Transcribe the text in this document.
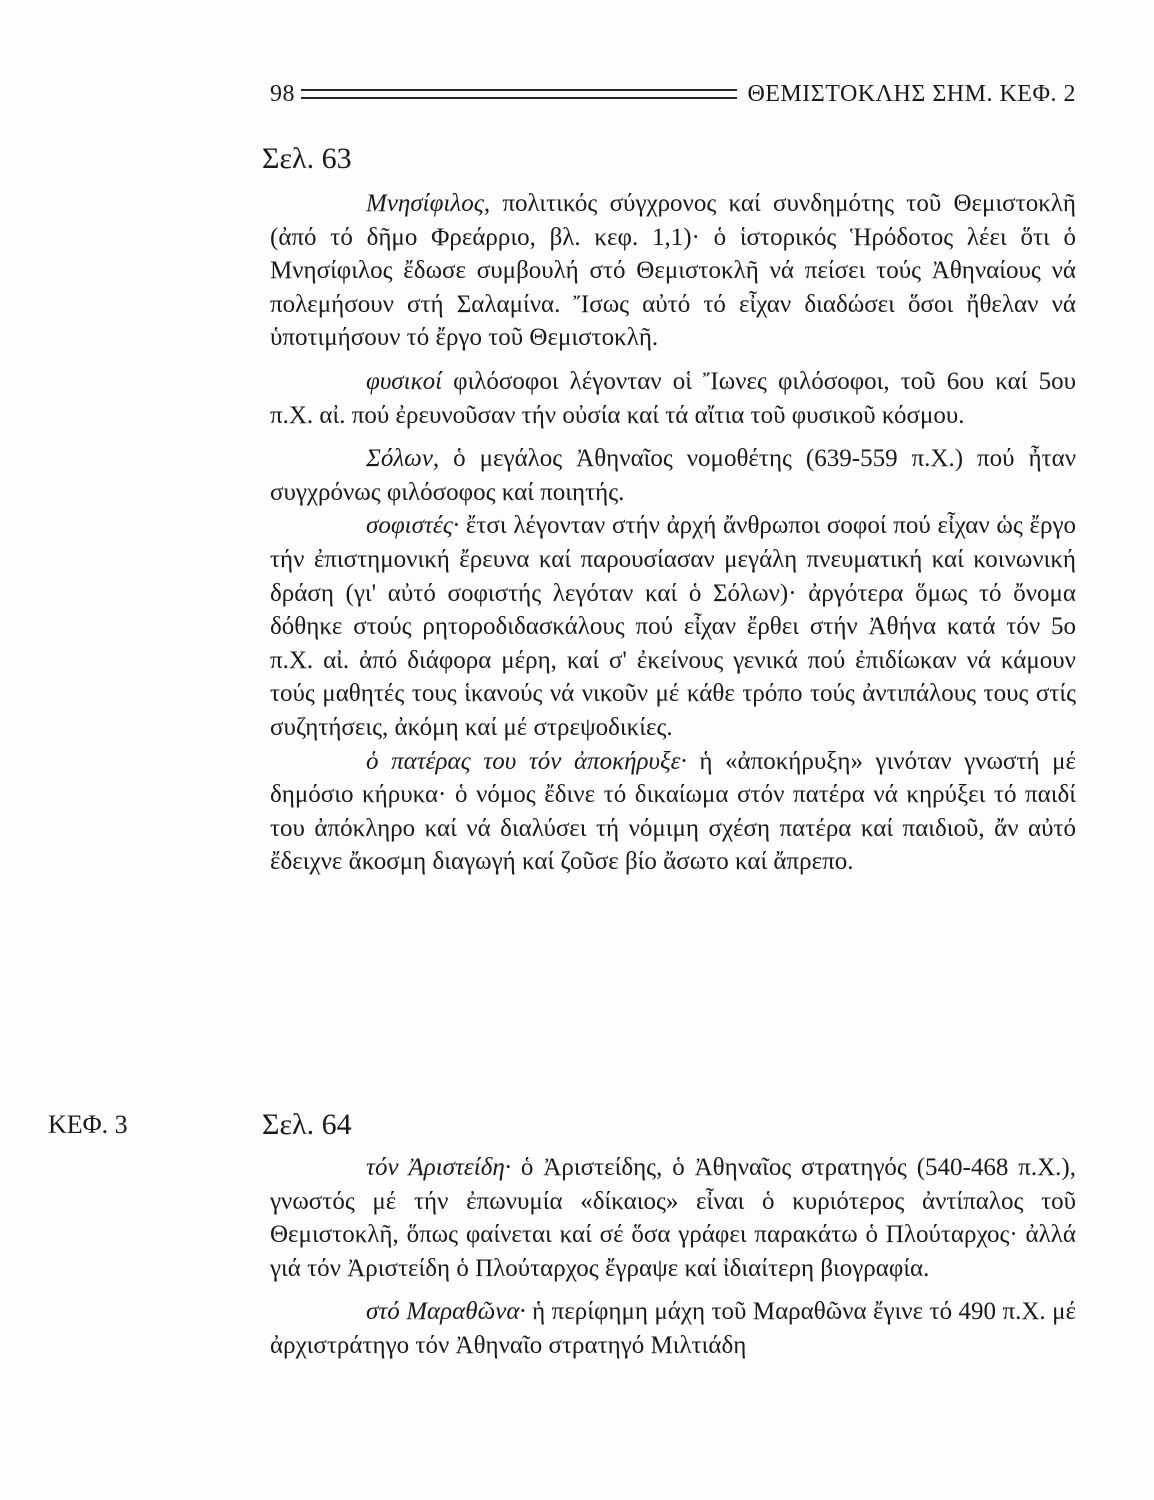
98	ΘΕΜΙΣΤΟΚΛΗΣ ΣΗΜ. ΚΕΦ. 2
ΚΕΦ. 3
Σελ. 63

Μνησίφιλος, πολιτικός σύγχρονος καί συνδημότης τοῦ Θεμιστοκλῆ (ἀπό τό δῆμο Φρεάρριο, βλ. κεφ. 1,1)· ὁ ἱστορικός Ἡρόδοτος λέει ὅτι ὁ Μνησίφιλος ἔδωσε συμβουλή στό Θεμιστοκλῆ νά πείσει τούς Ἀθηναίους νά πολεμήσουν στή Σαλαμίνα. Ἴσως αὐτό τό εἶχαν διαδώσει ὅσοι ἤθελαν νά ὑποτιμήσουν τό ἔργο τοῦ Θεμιστοκλῆ.

φυσικοί φιλόσοφοι λέγονταν οἱ Ἴωνες φιλόσοφοι, τοῦ 6ου καί 5ου π.Χ. αἰ. πού ἐρευνοῦσαν τήν οὐσία καί τά αἴτια τοῦ φυσικοῦ κόσμου.

Σόλων, ὁ μεγάλος Ἀθηναῖος νομοθέτης (639-559 π.Χ.) πού ἦταν συγχρόνως φιλόσοφος καί ποιητής.

σοφιστές· ἔτσι λέγονταν στήν ἀρχή ἄνθρωποι σοφοί πού εἶχαν ὡς ἔργο τήν ἐπιστημονική ἔρευνα καί παρουσίασαν μεγάλη πνευματική καί κοινωνική δράση (γι' αὐτό σοφιστής λεγόταν καί ὁ Σόλων)· ἀργότερα ὅμως τό ὄνομα δόθηκε στούς ρητοροδιδασκάλους πού εἶχαν ἔρθει στήν Ἀθήνα κατά τόν 5ο π.Χ. αἰ. ἀπό διάφορα μέρη, καί σ' ἐκείνους γενικά πού ἐπιδίωκαν νά κάμουν τούς μαθητές τους ἱκανούς νά νικοῦν μέ κάθε τρόπο τούς ἀντιπάλους τους στίς συζητήσεις, ἀκόμη καί μέ στρεψοδικίες.

ὁ πατέρας του τόν ἀποκήρυξε· ἡ «ἀποκήρυξη» γινόταν γνωστή μέ δημόσιο κήρυκα· ὁ νόμος ἔδινε τό δικαίωμα στόν πατέρα νά κηρύξει τό παιδί του ἀπόκληρο καί νά διαλύσει τή νόμιμη σχέση πατέρα καί παιδιοῦ, ἄν αὐτό ἔδειχνε ἄκοσμη διαγωγή καί ζοῦσε βίο ἄσωτο καί ἄπρεπο.

Σελ. 64

τόν Ἀριστείδη· ὁ Ἀριστείδης, ὁ Ἀθηναῖος στρατηγός (540-468 π.Χ.), γνωστός μέ τήν ἐπωνυμία «δίκαιος» εἶναι ὁ κυριότερος ἀντίπαλος τοῦ Θεμιστοκλῆ, ὅπως φαίνεται καί σέ ὅσα γράφει παρακάτω ὁ Πλούταρχος· ἀλλά γιά τόν Ἀριστείδη ὁ Πλούταρχος ἔγραψε καί ἰδιαίτερη βιογραφία.

στό Μαραθῶνα· ἡ περίφημη μάχη τοῦ Μαραθῶνα ἔγινε τό 490 π.Χ. μέ ἀρχιστράτηγο τόν Ἀθηναῖο στρατηγό Μιλτιάδη
